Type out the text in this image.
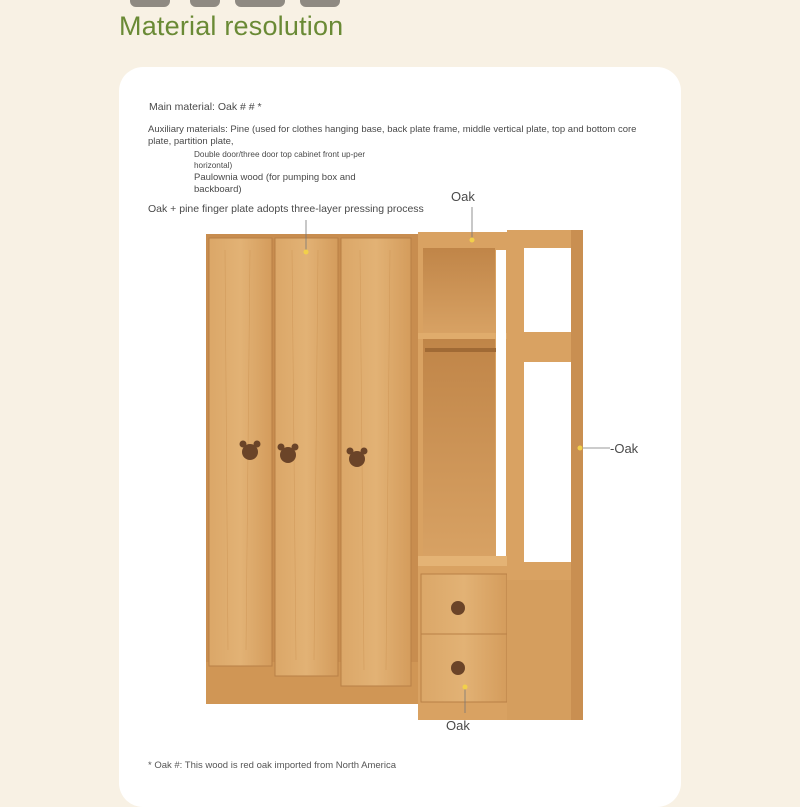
Material resolution
Main material: Oak # # *
Auxiliary materials: Pine (used for clothes hanging base, back plate frame, middle vertical plate, top and bottom core plate, partition plate,
Double door/three door top cabinet front up-per horizontal)
Paulownia wood (for pumping box and backboard)
Oak + pine finger plate adopts three-layer pressing process
Oak
-Oak
Oak
* Oak #: This wood is red oak imported from North America
